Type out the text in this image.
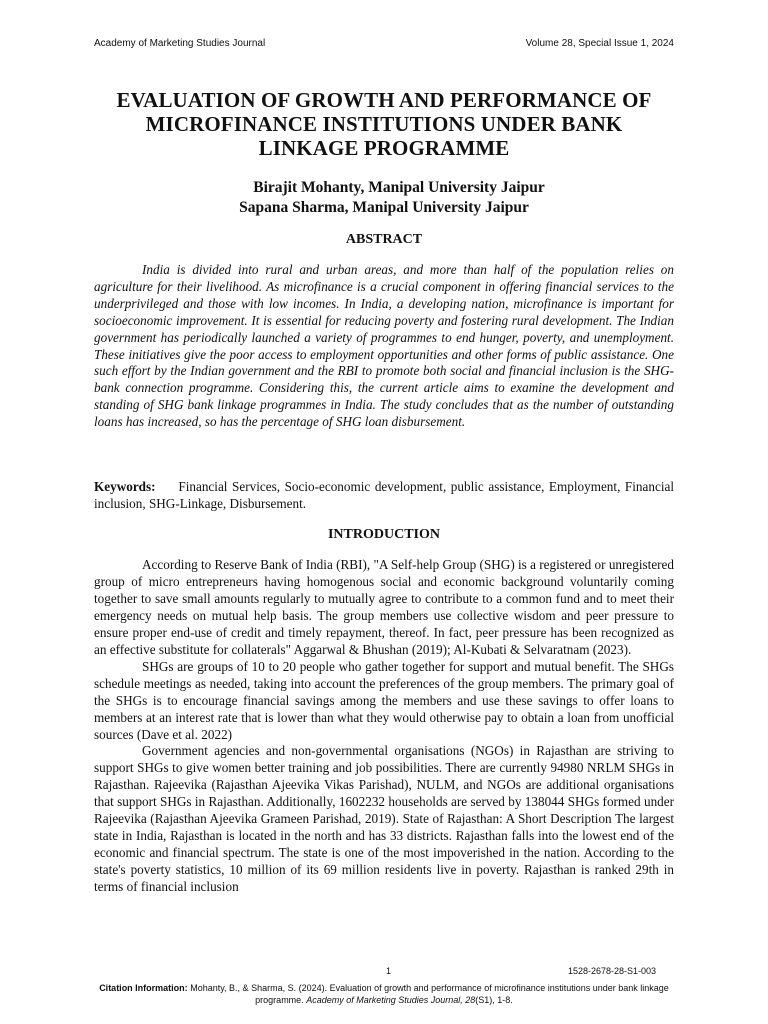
Academy of Marketing Studies Journal	Volume 28, Special Issue 1, 2024
EVALUATION OF GROWTH AND PERFORMANCE OF MICROFINANCE INSTITUTIONS UNDER BANK LINKAGE PROGRAMME
Birajit Mohanty, Manipal University Jaipur
Sapana Sharma, Manipal University Jaipur
ABSTRACT

India is divided into rural and urban areas, and more than half of the population relies on agriculture for their livelihood. As microfinance is a crucial component in offering financial services to the underprivileged and those with low incomes. In India, a developing nation, microfinance is important for socioeconomic improvement. It is essential for reducing poverty and fostering rural development. The Indian government has periodically launched a variety of programmes to end hunger, poverty, and unemployment. These initiatives give the poor access to employment opportunities and other forms of public assistance. One such effort by the Indian government and the RBI to promote both social and financial inclusion is the SHG-bank connection programme. Considering this, the current article aims to examine the development and standing of SHG bank linkage programmes in India. The study concludes that as the number of outstanding loans has increased, so has the percentage of SHG loan disbursement.

Keywords: Financial Services, Socio-economic development, public assistance, Employment, Financial inclusion, SHG-Linkage, Disbursement.

INTRODUCTION

According to Reserve Bank of India (RBI), "A Self-help Group (SHG) is a registered or unregistered group of micro entrepreneurs having homogenous social and economic background voluntarily coming together to save small amounts regularly to mutually agree to contribute to a common fund and to meet their emergency needs on mutual help basis. The group members use collective wisdom and peer pressure to ensure proper end-use of credit and timely repayment, thereof. In fact, peer pressure has been recognized as an effective substitute for collaterals" Aggarwal & Bhushan (2019); Al-Kubati & Selvaratnam (2023).

SHGs are groups of 10 to 20 people who gather together for support and mutual benefit. The SHGs schedule meetings as needed, taking into account the preferences of the group members. The primary goal of the SHGs is to encourage financial savings among the members and use these savings to offer loans to members at an interest rate that is lower than what they would otherwise pay to obtain a loan from unofficial sources (Dave et al. 2022)

Government agencies and non-governmental organisations (NGOs) in Rajasthan are striving to support SHGs to give women better training and job possibilities. There are currently 94980 NRLM SHGs in Rajasthan. Rajeevika (Rajasthan Ajeevika Vikas Parishad), NULM, and NGOs are additional organisations that support SHGs in Rajasthan. Additionally, 1602232 households are served by 138044 SHGs formed under Rajeevika (Rajasthan Ajeevika Grameen Parishad, 2019). State of Rajasthan: A Short Description The largest state in India, Rajasthan is located in the north and has 33 districts. Rajasthan falls into the lowest end of the economic and financial spectrum. The state is one of the most impoverished in the nation. According to the state's poverty statistics, 10 million of its 69 million residents live in poverty. Rajasthan is ranked 29th in terms of financial inclusion

1	1528-2678-28-S1-003
Citation Information: Mohanty, B., & Sharma, S. (2024). Evaluation of growth and performance of microfinance institutions under bank linkage programme. Academy of Marketing Studies Journal, 28(S1), 1-8.
